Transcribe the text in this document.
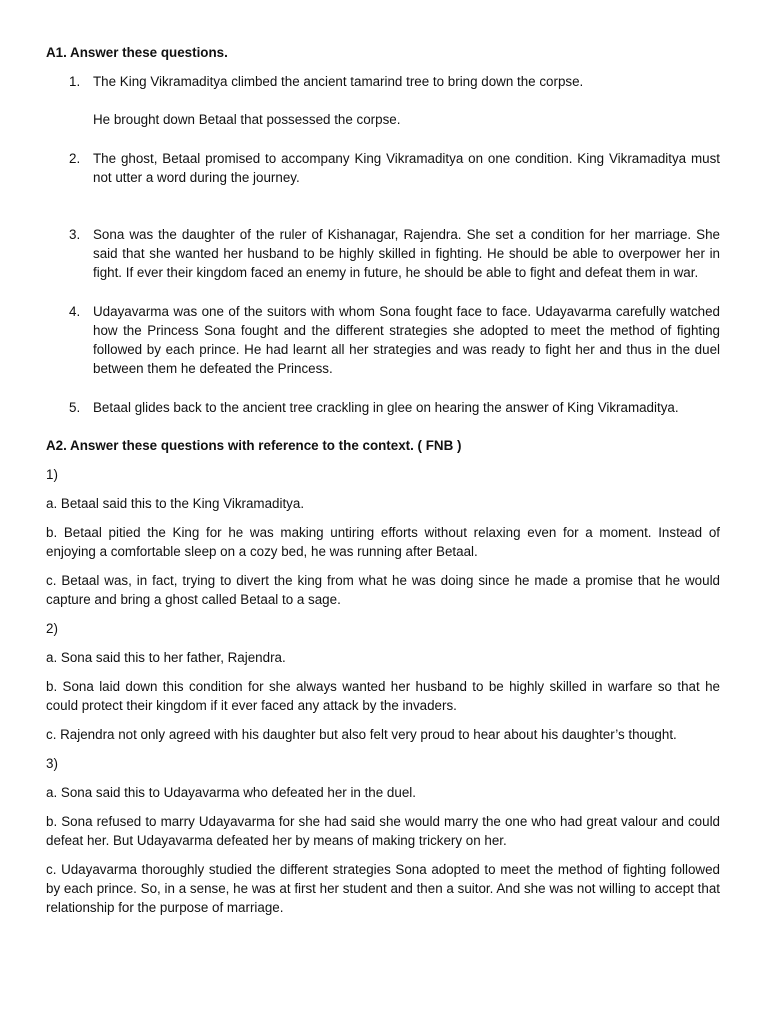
A1. Answer these questions.

1. The King Vikramaditya climbed the ancient tamarind tree to bring down the corpse.
He brought down Betaal that possessed the corpse.
2. The ghost, Betaal promised to accompany King Vikramaditya on one condition. King Vikramaditya must not utter a word during the journey.
3. Sona was the daughter of the ruler of Kishanagar, Rajendra. She set a condition for her marriage. She said that she wanted her husband to be highly skilled in fighting. He should be able to overpower her in fight. If ever their kingdom faced an enemy in future, he should be able to fight and defeat them in war.
4. Udayavarma was one of the suitors with whom Sona fought face to face. Udayavarma carefully watched how the Princess Sona fought and the different strategies she adopted to meet the method of fighting followed by each prince. He had learnt all her strategies and was ready to fight her and thus in the duel between them he defeated the Princess.
5. Betaal glides back to the ancient tree crackling in glee on hearing the answer of King Vikramaditya.

A2. Answer these questions with reference to the context. ( FNB )

1)

a. Betaal said this to the King Vikramaditya.

b. Betaal pitied the King for he was making untiring efforts without relaxing even for a moment. Instead of enjoying a comfortable sleep on a cozy bed, he was running after Betaal.

c. Betaal was, in fact, trying to divert the king from what he was doing since he made a promise that he would capture and bring a ghost called Betaal to a sage.

2)

a. Sona said this to her father, Rajendra.

b. Sona laid down this condition for she always wanted her husband to be highly skilled in warfare so that he could protect their kingdom if it ever faced any attack by the invaders.

c. Rajendra not only agreed with his daughter but also felt very proud to hear about his daughter’s thought.

3)

a. Sona said this to Udayavarma who defeated her in the duel.

b. Sona refused to marry Udayavarma for she had said she would marry the one who had great valour and could defeat her. But Udayavarma defeated her by means of making trickery on her.

c. Udayavarma thoroughly studied the different strategies Sona adopted to meet the method of fighting followed by each prince. So, in a sense, he was at first her student and then a suitor. And she was not willing to accept that relationship for the purpose of marriage.
